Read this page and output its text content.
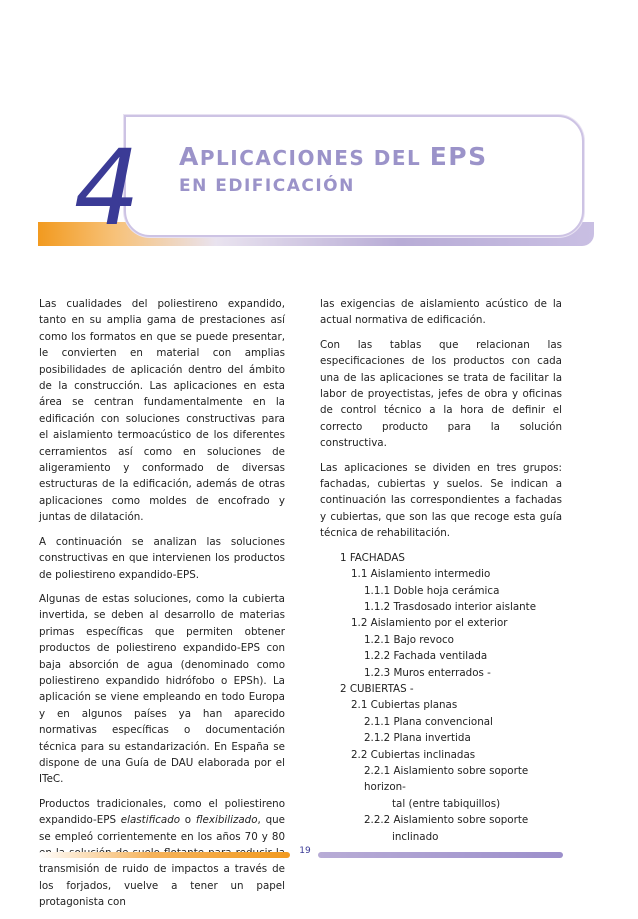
4	APLICACIONES DEL EPS
EN EDIFICACIÓN

Las cualidades del poliestireno expandido, tanto en su amplia gama de prestaciones así como los formatos en que se puede presentar, le convierten en material con amplias posibilidades de aplicación dentro del ámbito de la construcción. Las aplicaciones en esta área se centran fundamentalmente en la edificación con soluciones constructivas para el aislamiento termoacústico de los diferentes cerramientos así como en soluciones de aligeramiento y conformado de diversas estructuras de la edificación, además de otras aplicaciones como moldes de encofrado y juntas de dilatación.

A continuación se analizan las soluciones constructivas en que intervienen los productos de poliestireno expandido-EPS.

Algunas de estas soluciones, como la cubierta invertida, se deben al desarrollo de materias primas específicas que permiten obtener productos de poliestireno expandido-EPS con baja absorción de agua (denominado como poliestireno expandido hidrófobo o EPSh). La aplicación se viene empleando en todo Europa y en algunos países ya han aparecido normativas específicas o documentación técnica para su estandarización. En España se dispone de una Guía de DAU elaborada por el ITeC.

Productos tradicionales, como el poliestireno expandido-EPS elastificado o flexibilizado, que se empleó corrientemente en los años 70 y 80 transmisión de ruido de impactos a través de los forjados, vuelve a tener un papel protagonista con

las exigencias de aislamiento acústico de la actual normativa de edificación.

Con las tablas que relacionan las especificaciones de los productos con cada una de las aplicaciones se trata de facilitar la labor de proyectistas, jefes de obra y oficinas de control técnico a la hora de definir el correcto producto para la solución constructiva.

Las aplicaciones se dividen en tres grupos: fachadas, cubiertas y suelos. Se indican a continuación las correspondientes a fachadas y cubiertas, que son las que recoge esta guía técnica de rehabilitación.

1 FACHADAS
1.1 Aislamiento intermedio
1.1.1 Doble hoja cerámica
1.1.2 Trasdosado interior aislante
1.2 Aislamiento por el exterior
1.2.1 Bajo revoco
1.2.2 Fachada ventilada
1.2.3 Muros enterrados -
2 CUBIERTAS -
2.1 Cubiertas planas
2.1.1 Plana convencional
2.1.2 Plana invertida
2.2 Cubiertas inclinadas
2.2.1 Aislamiento sobre soporte horizon-
tal (entre tabiquillos)
2.2.2 Aislamiento sobre soporte
inclinado
19
